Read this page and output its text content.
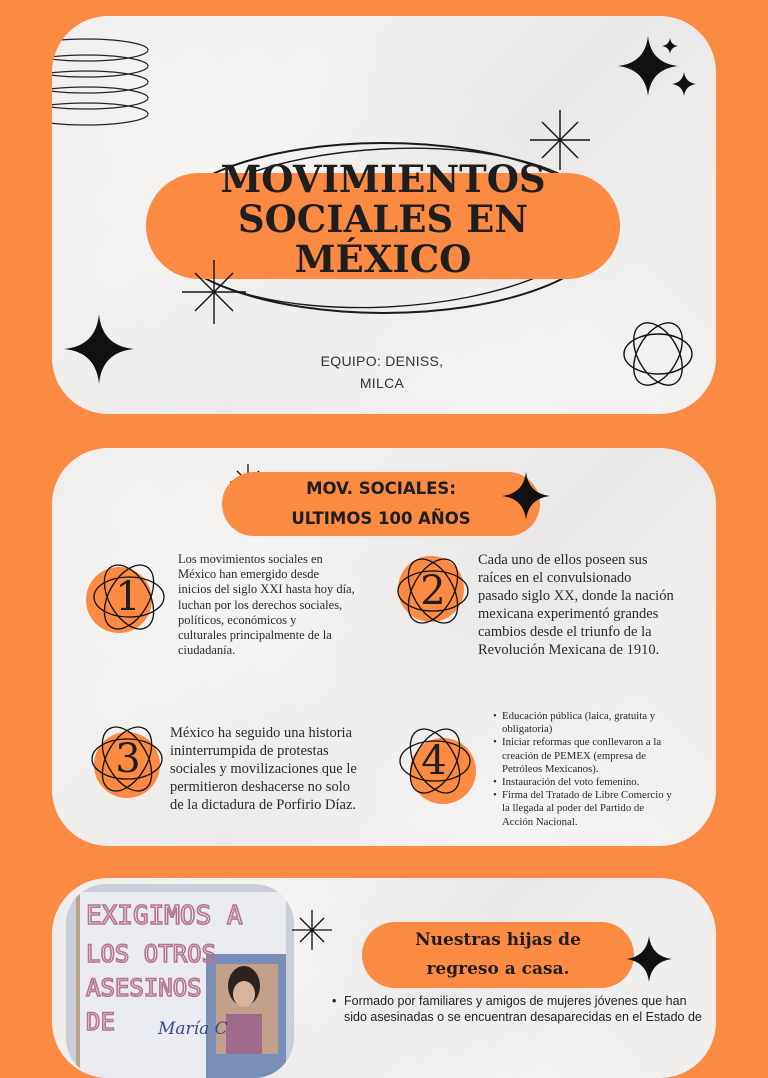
MOVIMIENTOS
SOCIALES EN
MÉXICO
EQUIPO: DENISS,
MILCA
MOV. SOCIALES:
ULTIMOS 100 AÑOS
1
Los movimientos sociales en
México han emergido desde
inicios del siglo XXI hasta hoy día,
luchan por los derechos sociales,
políticos, económicos y
culturales principalmente de la
ciudadanía.
2
Cada uno de ellos poseen sus
raíces en el convulsionado
pasado siglo XX, donde la nación
mexicana experimentó grandes
cambios desde el triunfo de la
Revolución Mexicana de 1910.
3
México ha seguido una historia
ininterrumpida de protestas
sociales y movilizaciones que le
permitieron deshacerse no solo
de la dictadura de Porfirio Díaz.
4
• Educación pública (laica, gratuita y
obligatoria)
• Iniciar reformas que conllevaron a la
creación de PEMEX (empresa de
Petróleos Mexicanos).
• Instauración del voto femenino.
• Firma del Tratado de Libre Comercio y
la llegada al poder del Partido de
Acción Nacional.
EXIGIMOS A
LOS OTROS
ASESINOS
DE	María C
Nuestras hijas de
regreso a casa.
• Formado por familiares y amigos de mujeres jóvenes que han
sido asesinadas o se encuentran desaparecidas en el Estado de
